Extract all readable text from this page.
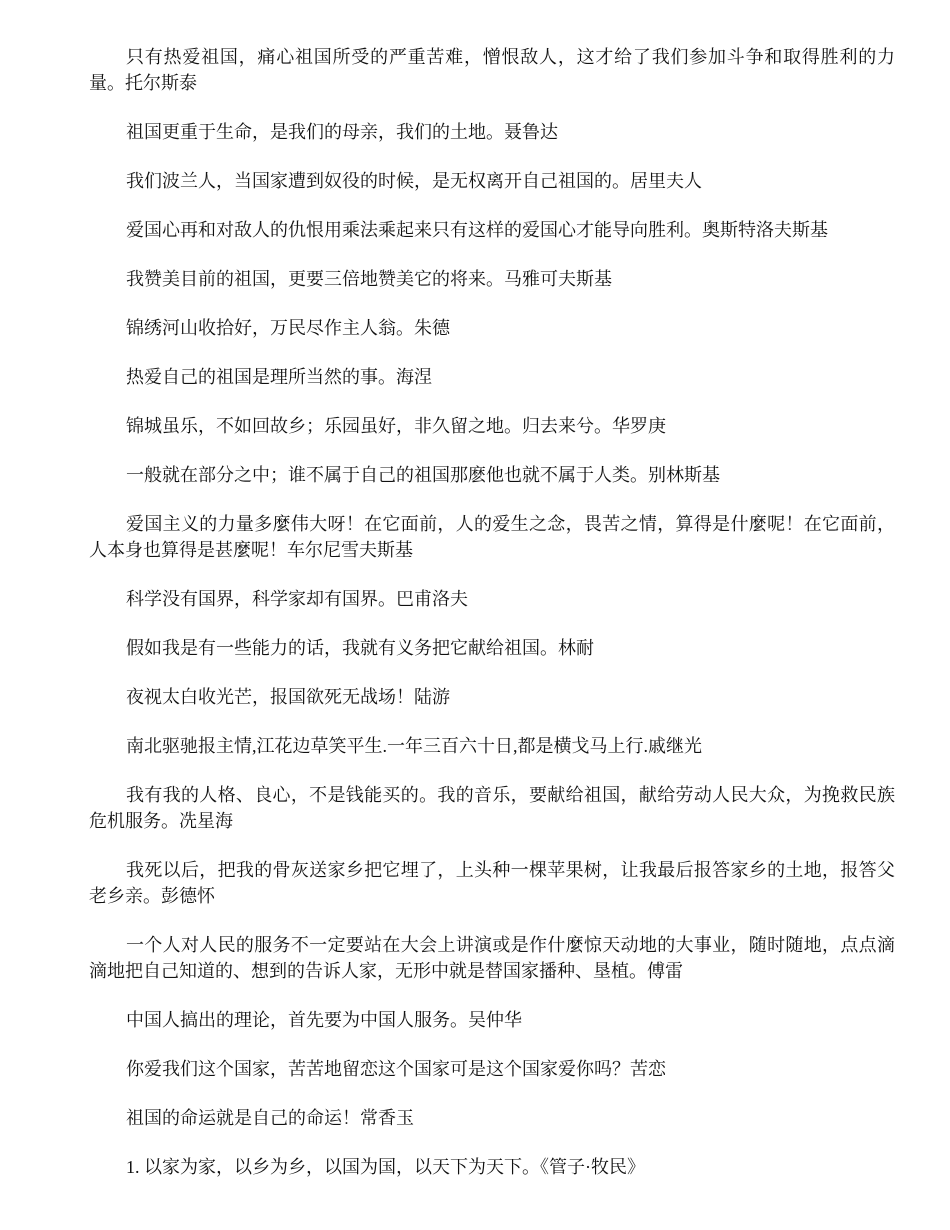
只有热爱祖国，痛心祖国所受的严重苦难，憎恨敌人，这才给了我们参加斗争和取得胜利的力量。托尔斯泰

祖国更重于生命，是我们的母亲，我们的土地。聂鲁达

我们波兰人，当国家遭到奴役的时候，是无权离开自己祖国的。居里夫人

爱国心再和对敌人的仇恨用乘法乘起来只有这样的爱国心才能导向胜利。奥斯特洛夫斯基

我赞美目前的祖国，更要三倍地赞美它的将来。马雅可夫斯基

锦绣河山收拾好，万民尽作主人翁。朱德

热爱自己的祖国是理所当然的事。海涅

锦城虽乐，不如回故乡；乐园虽好，非久留之地。归去来兮。华罗庚

一般就在部分之中；谁不属于自己的祖国那麽他也就不属于人类。别林斯基

爱国主义的力量多麼伟大呀！在它面前，人的爱生之念，畏苦之情，算得是什麼呢！在它面前，人本身也算得是甚麼呢！车尔尼雪夫斯基

科学没有国界，科学家却有国界。巴甫洛夫

假如我是有一些能力的话，我就有义务把它献给祖国。林耐

夜视太白收光芒，报国欲死无战场！陆游

南北驱驰报主情,江花边草笑平生.一年三百六十日,都是横戈马上行.戚继光

我有我的人格、良心，不是钱能买的。我的音乐，要献给祖国，献给劳动人民大众，为挽救民族危机服务。冼星海

我死以后，把我的骨灰送家乡把它埋了，上头种一棵苹果树，让我最后报答家乡的土地，报答父老乡亲。彭德怀

一个人对人民的服务不一定要站在大会上讲演或是作什麼惊天动地的大事业，随时随地，点点滴滴地把自己知道的、想到的告诉人家，无形中就是替国家播种、垦植。傅雷

中国人搞出的理论，首先要为中国人服务。吴仲华

你爱我们这个国家，苦苦地留恋这个国家可是这个国家爱你吗？苦恋

祖国的命运就是自己的命运！常香玉

1. 以家为家，以乡为乡，以国为国，以天下为天下。《管子·牧民》
